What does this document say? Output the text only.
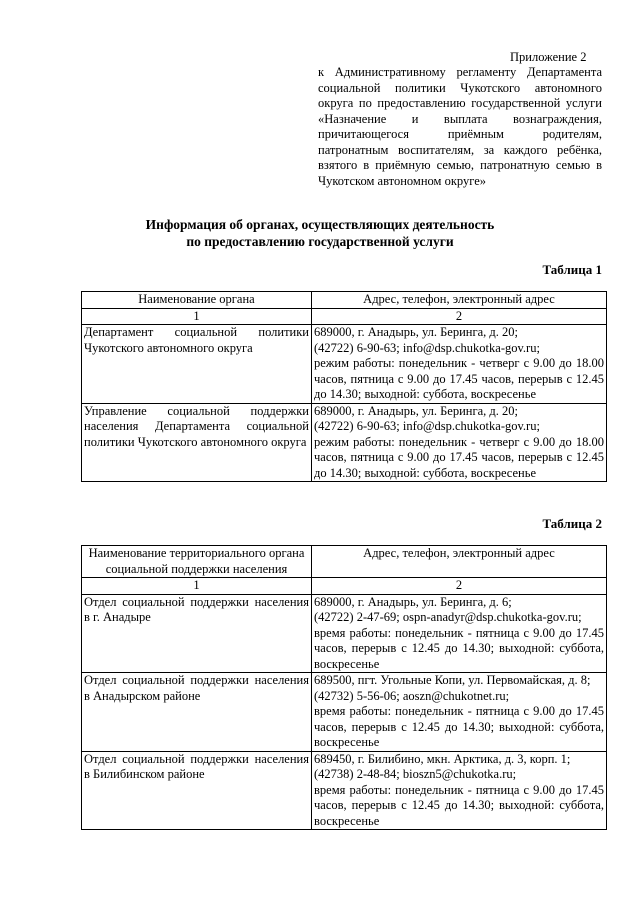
Приложение 2
к Административному регламенту Департамента социальной политики Чукотского автономного округа по предоставлению государственной услуги «Назначение и выплата вознаграждения, причитающегося приёмным родителям, патронатным воспитателям, за каждого ребёнка, взятого в приёмную семью, патронатную семью в Чукотском автономном округе»
Информация об органах, осуществляющих деятельность
по предоставлению государственной услуги
Таблица 1
Наименование органа	Адрес, телефон, электронный адрес
1	2
Департамент социальной политики Чукотского автономного округа	689000, г. Анадырь, ул. Беринга, д. 20;
(42722) 6-90-63; info@dsp.chukotka-gov.ru;
режим работы: понедельник - четверг с 9.00 до 18.00 часов, пятница с 9.00 до 17.45 часов, перерыв с 12.45 до 14.30; выходной: суббота, воскресенье

Управление социальной поддержки населения Департамента социальной политики Чукотского автономного округа	689000, г. Анадырь, ул. Беринга, д. 20;
(42722) 6-90-63; info@dsp.chukotka-gov.ru;
режим работы: понедельник - четверг с 9.00 до 18.00 часов, пятница с 9.00 до 17.45 часов, перерыв с 12.45 до 14.30; выходной: суббота, воскресенье
Таблица 2
Наименование территориального органа социальной поддержки населения	Адрес, телефон, электронный адрес
1	2
Отдел социальной поддержки населения в г. Анадыре	689000, г. Анадырь, ул. Беринга, д. 6;
(42722) 2-47-69; ospn-anadyr@dsp.chukotka-gov.ru;
время работы: понедельник - пятница с 9.00 до 17.45 часов, перерыв с 12.45 до 14.30; выходной: суббота, воскресенье

Отдел социальной поддержки населения в Анадырском районе	689500, пгт. Угольные Копи, ул. Первомайская, д. 8;
(42732) 5-56-06; aoszn@chukotnet.ru;
время работы: понедельник - пятница с 9.00 до 17.45 часов, перерыв с 12.45 до 14.30; выходной: суббота, воскресенье

Отдел социальной поддержки населения в Билибинском районе	689450, г. Билибино, мкн. Арктика, д. 3, корп. 1;
(42738) 2-48-84; bioszn5@chukotka.ru;
время работы: понедельник - пятница с 9.00 до 17.45 часов, перерыв с 12.45 до 14.30; выходной: суббота, воскресенье
